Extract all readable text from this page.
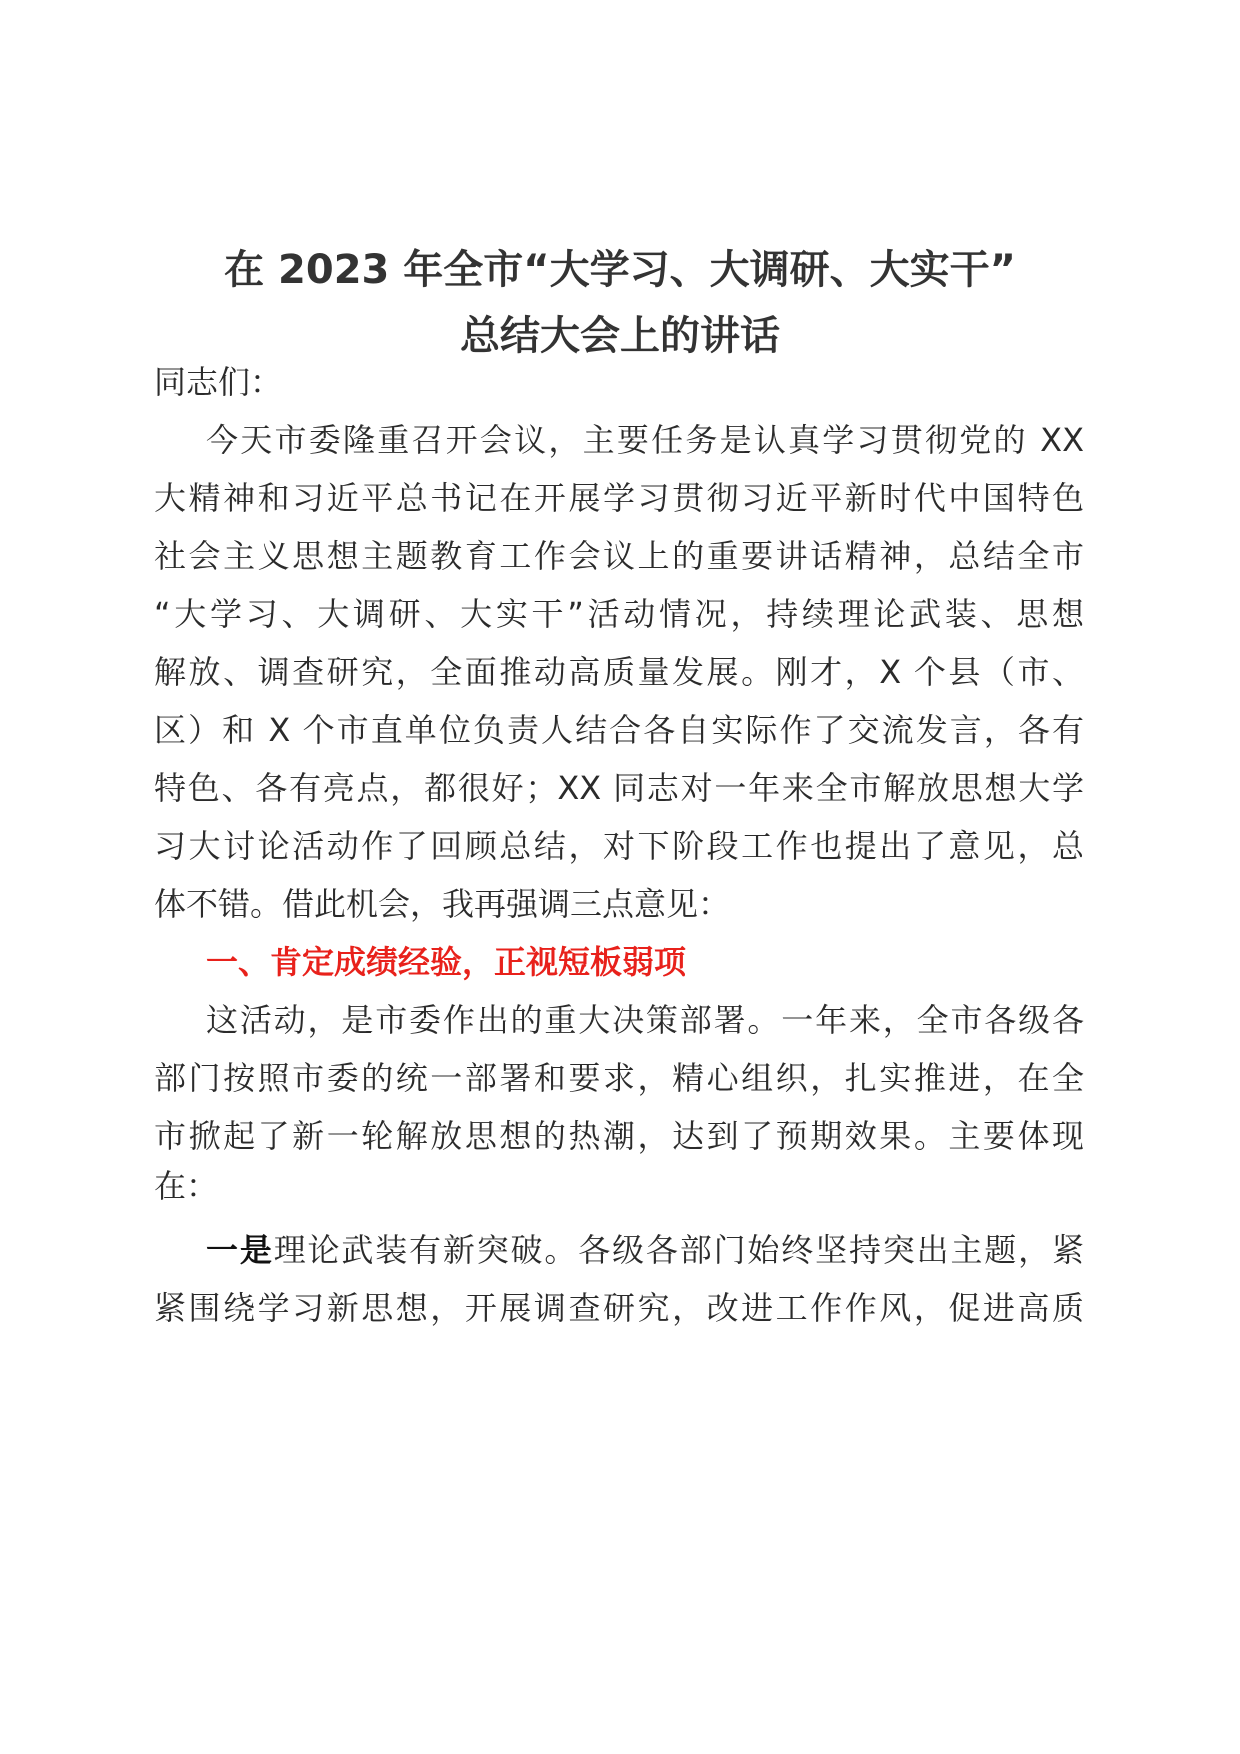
在 2023 年全市“大学习、大调研、大实干”
总结大会上的讲话
同志们：
今天市委隆重召开会议，主要任务是认真学习贯彻党的 XX
大精神和习近平总书记在开展学习贯彻习近平新时代中国特色
社会主义思想主题教育工作会议上的重要讲话精神，总结全市
“大学习、大调研、大实干”活动情况，持续理论武装、思想
解放、调查研究，全面推动高质量发展。刚才，X 个县（市、
区）和 X 个市直单位负责人结合各自实际作了交流发言，各有
特色、各有亮点，都很好；XX 同志对一年来全市解放思想大学
习大讨论活动作了回顾总结，对下阶段工作也提出了意见，总
体不错。借此机会，我再强调三点意见：
一、肯定成绩经验，正视短板弱项
这活动，是市委作出的重大决策部署。一年来，全市各级各
部门按照市委的统一部署和要求，精心组织，扎实推进，在全
市掀起了新一轮解放思想的热潮，达到了预期效果。主要体现
在：
一是理论武装有新突破。各级各部门始终坚持突出主题，紧
紧围绕学习新思想，开展调查研究，改进工作作风，促进高质
